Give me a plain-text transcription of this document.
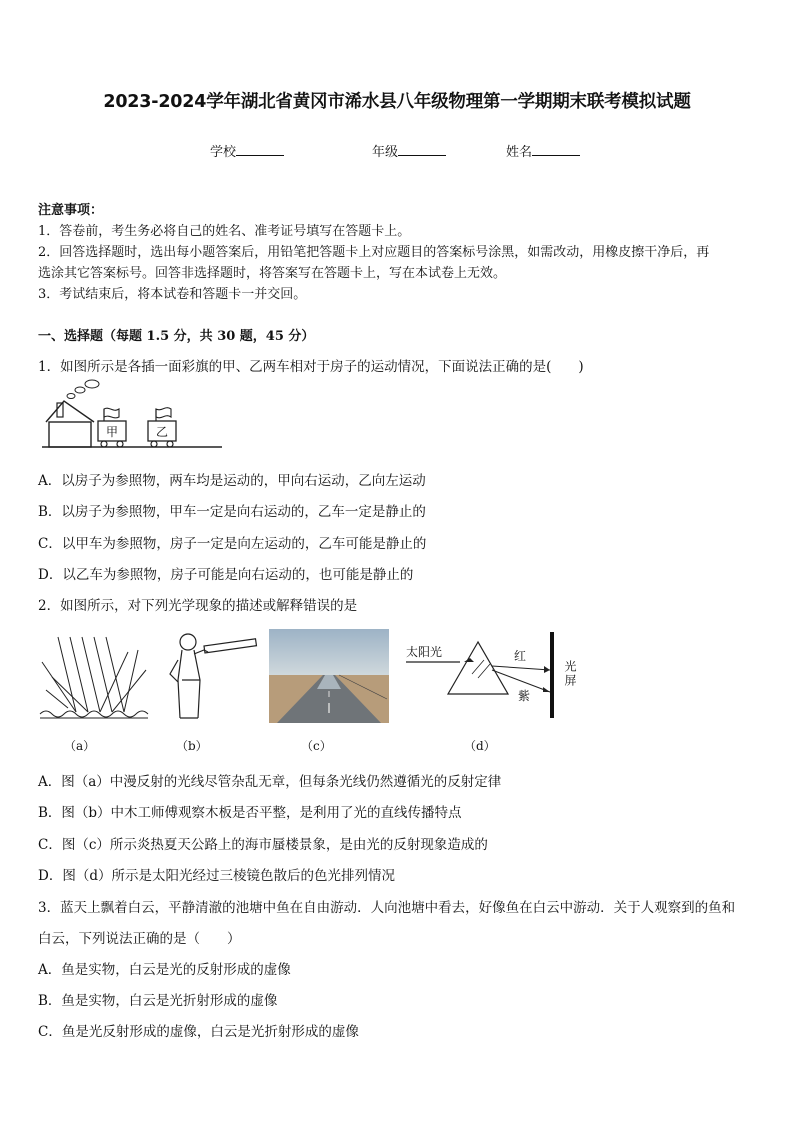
2023-2024学年湖北省黄冈市浠水县八年级物理第一学期期末联考模拟试题
学校	年级	姓名
注意事项：
1．答卷前，考生务必将自己的姓名、准考证号填写在答题卡上。
2．回答选择题时，选出每小题答案后，用铅笔把答题卡上对应题目的答案标号涂黑，如需改动，用橡皮擦干净后，再
选涂其它答案标号。回答非选择题时，将答案写在答题卡上，写在本试卷上无效。
3．考试结束后，将本试卷和答题卡一并交回。
一、选择题（每题 1.5 分，共 30 题，45 分）
1．如图所示是各插一面彩旗的甲、乙两车相对于房子的运动情况，下面说法正确的是(　　)
甲	乙
A．以房子为参照物，两车均是运动的，甲向右运动，乙向左运动
B．以房子为参照物，甲车一定是向右运动的，乙车一定是静止的
C．以甲车为参照物，房子一定是向左运动的，乙车可能是静止的
D．以乙车为参照物，房子可能是向右运动的，也可能是静止的
2．如图所示，对下列光学现象的描述或解释错误的是
太阳光	红
紫
光屏
（a）	（b）	（c）	（d）
A．图（a）中漫反射的光线尽管杂乱无章，但每条光线仍然遵循光的反射定律
B．图（b）中木工师傅观察木板是否平整，是利用了光的直线传播特点
C．图（c）所示炎热夏天公路上的海市蜃楼景象，是由光的反射现象造成的
D．图（d）所示是太阳光经过三棱镜色散后的色光排列情况
3．蓝天上飘着白云，平静清澈的池塘中鱼在自由游动．人向池塘中看去，好像鱼在白云中游动．关于人观察到的鱼和
白云，下列说法正确的是（　　）
A．鱼是实物，白云是光的反射形成的虚像
B．鱼是实物，白云是光折射形成的虚像
C．鱼是光反射形成的虚像，白云是光折射形成的虚像
